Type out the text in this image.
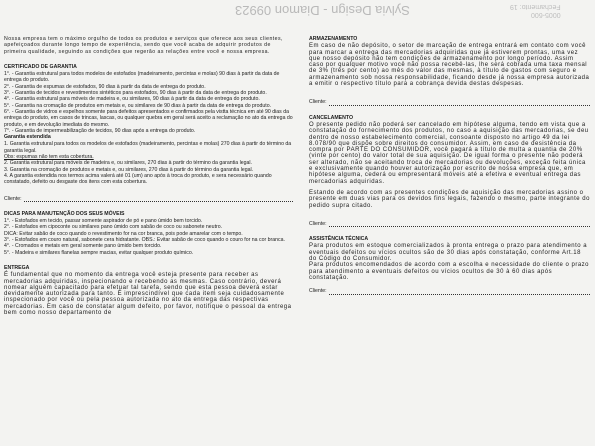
Sylvia Design - Diamon 09923	0005-600
Fechamento: 19

Nossa empresa tem o máximo orgulho de todos os produtos e serviços que oferece aos seus clientes, apefeiçoados durante longo tempo de experiência, sendo que você acaba de adquirir produtos de primeira qualidade, seguindo as condições que regerão as relações entre você e nossa empresa.

CERTIFICADO DE GARANTIA

1°. - Garantia estrutural para todos modelos de estofados (madeiramento, percintas e molas) 90 dias à partir da data de entrega do produto.

2°. - Garantia de espumas de estofados, 90 dias à partir da data de entrega do produto.

3°. - Garantia de tecidos e revestimentos sintéticos para estofados, 90 dias à partir da data de entrega do produto.

4°. - Garantia estrutural para móveis de madeira e, ou similares, 90 dias à partir da data de entrega do produto.

5°. - Garantia na cromação de produtos em metais e, ou similares de 90 dias à partir da data de entrega do produto.

6°. - Garantia de vidros e espelhos somente para defeitos apresentados e confirmados pela vistta técnica em até 90 dias da entrega do produto, em casos de trincas, lascas, ou qualquer quebra em geral será aceito a reclamação no ato da entrega do produto, e em devolução imediata do mesmo.

7°. - Garantia de impermeabilização de tecidos, 90 dias após a entrega do produto.

Garantia estendida

1. Garantia estrutural para todos os modelos de estofados (madeiramento, percintas e molas) 270 dias à partir do término da garantia legal.

Obs: espumas não tem esta cobertura.

2. Garantia estrutural para móveis de madeira e, ou similares, 270 dias à partir do término da garantia legal.

3. Garantia na cromação de produtos e metais e, ou similares, 270 dias à partir do término da garantia legal.

4. A garantia estendida nos termos acima valerá até 01 (um) ano após à troca do produto, e sera necessário quando constatado, defeito ou desgaste dos itens com esta cobertura.

Cliente:
DICAS PARA MANUTENÇÃO DOS SEUS MÓVEIS

1°. - Estofados em tecido, passar somente aspirador de pó e pano úmido bem torcido.

2°. - Estofados em cipoconte ou similares pano úmido com sabão de coco ou sabonete neutro.

DICA: Evitar sabão de coco quando o revestimento for na cor branca, pois pode amarelar com o tempo.

3°. - Estofados em couro natural, sabonete cera hidratante. OBS.: Evitar sabão de coco quando o couro for na cor branca.

4°. - Cromados e metais em geral somente pano úmido bem torcido.

5°. - Madeira e similares flanelas sempre macias, evitar qualquer produto químico.

ENTREGA

É fundamental que no momento da entrega você esteja presente para receber as mercadorias adquiridas, inspecionando e recebendo as mesmas. Caso contrário, deverá nomear alguém capacitado para efetuar tal tarefa, sendo que esta pessoa deverá estar devidamente autorizada para tanto. É imprescindível que cada item seja cuidadosamente inspecionado por você ou pela pessoa autorizada no ato da entrega das respectivas mercadorias. Em caso de constatar algum defeito, por favor, notifique o pessoal da entrega bem como nosso departamento de

ARMAZENAMENTO

Em caso de não depósito, o setor de marcação de entrega entrará em contato com você para marcar a entrega das mercadorias adquiridas que já estiverem prontas, uma vez que nosso depósito não tem condições de armazenamento por longo período. Assim caso por qualquer motivo você não possa recebê-las, lhe será cobrada uma taxa mensal de 3% (três por cento) ao mês do valor das mesmas, à título de gastos com seguro e armazenamento sob nossa responsabilidade, ficando desde já nossa empresa autorizada a emitir o respectivo título para a cobrança devida destas despesas.

Cliente:
CANCELAMENTO

O presente pedido não poderá ser cancelado em hipótese alguma, tendo em vista que a constatação do fornecimento dos produtos, no caso a aquisição das mercadorias, se deu dentro de nosso estabelecimento comercial, consoante disposto no artigo 49 da lei 8.078/90 que dispõe sobre direitos do consumidor. Assim, em caso de desistência da compra por PARTE DO CONSUMIDOR, você pagará a título de multa a quantia de 20% (vinte por cento) do valor total de sua aquisição. De igual forma o presente não poderá ser alterado, não se aceitando troca de mercadorias ou devoluções, exceção feita única e exclusivamente quando houver autorização por escrito de nossa empresa que, em hipótese alguma, cederá ou empresentará móveis até a efetiva e eventual entrega das mercadorias adquiridas.

Estando de acordo com as presentes condições de aquisição das mercadorias assino o presente em duas vias para os devidos fins legais, fazendo o mesmo, parte integrante do pedido supra citado.

Cliente:
ASSISTÊNCIA TÉCNICA

Para produtos em estoque comercializados à pronta entrega o prazo para atendimento a eventuais defeitos ou vícios ocultos são de 30 dias após constatação, conforme Art.18 do Código do Consumidor.

Para produtos encomendados de acordo com a escolha e necessidade do cliente o prazo para atendimento a eventuais defeitos ou vícios ocultos de 30 à 60 dias após constatação.

Cliente:
